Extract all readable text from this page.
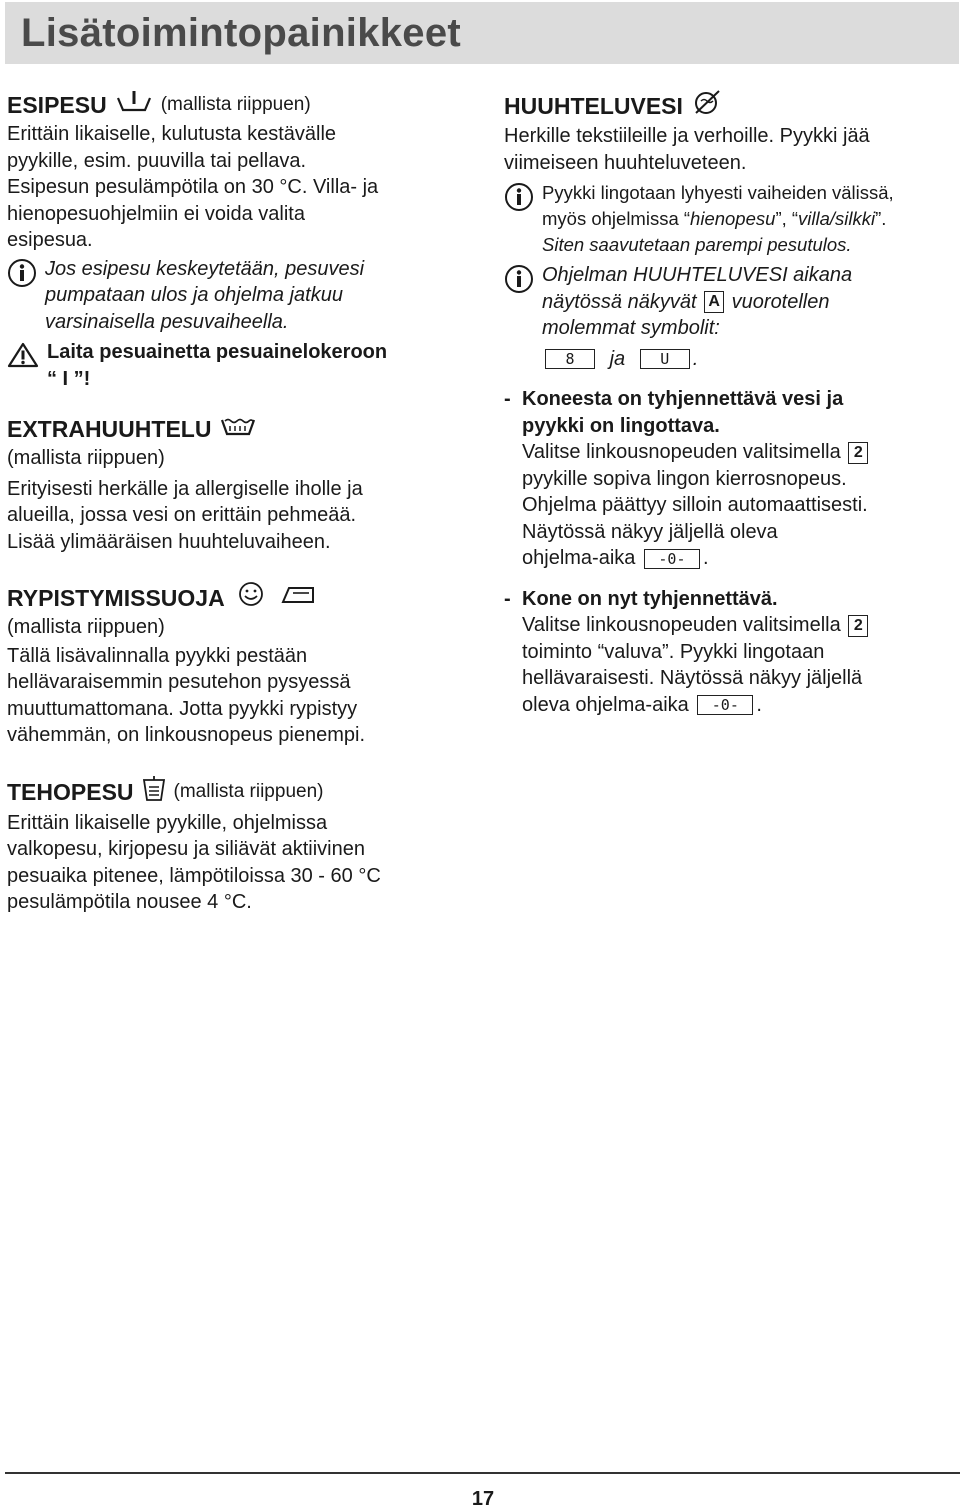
Lisätoimintopainikkeet
ESIPESU	(mallista riippuen)

Erittäin likaiselle, kulutusta kestävälle

pyykille, esim. puuvilla tai pellava.

Esipesun pesulämpötila on 30 °C. Villa- ja

hienopesuohjelmiin ei voida valita

esipesua.

Jos esipesu keskeytetään, pesuvesi
pumpataan ulos ja ohjelma jatkuu
varsinaisella pesuvaiheella.
Laita pesuainetta pesuainelokeroon
“ I ”!
EXTRAHUUHTELU

(mallista riippuen)

Erityisesti herkälle ja allergiselle iholle ja

alueilla, jossa vesi on erittäin pehmeää.

Lisää ylimääräisen huuhteluvaiheen.

RYPISTYMISSUOJA

(mallista riippuen)

Tällä lisävalinnalla pyykki pestään

hellävaraisemmin pesutehon pysyessä

muuttumattomana. Jotta pyykki rypistyy

vähemmän, on linkousnopeus pienempi.

TEHOPESU (mallista riippuen)

Erittäin likaiselle pyykille, ohjelmissa

valkopesu, kirjopesu ja siliävät aktiivinen

pesuaika pitenee, lämpötiloissa 30 - 60 °C

pesulämpötila nousee 4 °C.

HUUHTELUVESI

Herkille tekstiileille ja verhoille. Pyykki jää

viimeiseen huuhteluveteen.

Pyykki lingotaan lyhyesti vaiheiden välissä,
myös ohjelmissa “hienopesu”, “villa/silkki”.
Siten saavutetaan parempi pesutulos.
Ohjelman HUUHTELUVESI aikana
näytössä näkyvät A vuorotellen
molemmat symbolit:
8 ja U .
- Koneesta on tyhjennettävä vesi ja
pyykki on lingottava.
Valitse linkousnopeuden valitsimella 2
pyykille sopiva lingon kierrosnopeus.
Ohjelma päättyy silloin automaattisesti.
Näytössä näkyy jäljellä oleva
ohjelma-aika -0- .
- Kone on nyt tyhjennettävä.
Valitse linkousnopeuden valitsimella 2
toiminto “valuva”. Pyykki lingotaan
hellävaraisesti. Näytössä näkyy jäljellä
oleva ohjelma-aika -0- .
17
